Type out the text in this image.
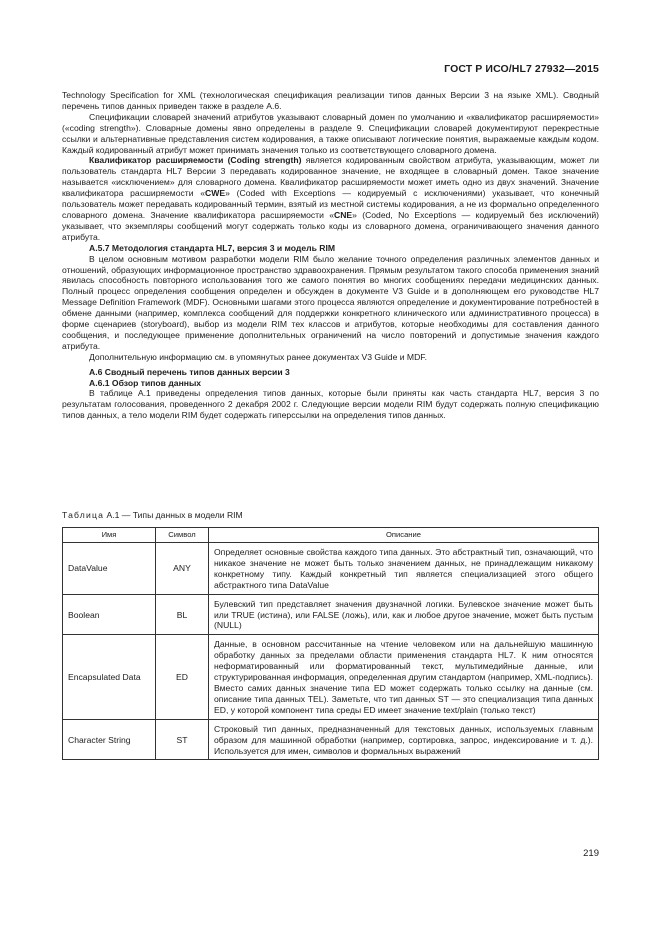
ГОСТ Р ИСО/HL7 27932—2015

Technology Specification for XML (технологическая спецификация реализации типов данных Версии 3 на языке XML). Сводный перечень типов данных приведен также в разделе A.6.

Спецификации словарей значений атрибутов указывают словарный домен по умолчанию и «квалификатор расширяемости» («coding strength»). Словарные домены явно определены в разделе 9. Спецификации словарей документируют перекрестные ссылки и альтернативные представления систем кодирования, а также описывают логические понятия, выражаемые каждым кодом. Каждый кодированный атрибут может принимать значения только из соответствующего словарного домена.

Квалификатор расширяемости (Coding strength) является кодированным свойством атрибута, указывающим, может ли пользователь стандарта HL7 Версии 3 передавать кодированное значение, не входящее в словарный домен. Такое значение называется «исключением» для словарного домена. Квалификатор расширяемости может иметь одно из двух значений. Значение квалификатора расширяемости «CWE» (Coded with Exceptions — кодируемый с исключениями) указывает, что конечный пользователь может передавать кодированный термин, взятый из местной системы кодирования, а не из формально определенного словарного домена. Значение квалификатора расширяемости «CNE» (Coded, No Exceptions — кодируемый без исключений) указывает, что экземпляры сообщений могут содержать только коды из словарного домена, ограничивающего значения данного атрибута.

A.5.7 Методология стандарта HL7, версия 3 и модель RIM

В целом основным мотивом разработки модели RIM было желание точного определения различных элементов данных и отношений, образующих информационное пространство здравоохранения. Прямым результатом такого способа применения знаний явилась способность повторного использования того же самого понятия во многих сообщениях передачи медицинских данных. Полный процесс определения сообщения определен и обсужден в документе V3 Guide и в дополняющем его руководстве HL7 Message Definition Framework (MDF). Основными шагами этого процесса являются определение и документирование потребностей в обмене данными (например, комплекса сообщений для поддержки конкретного клинического или административного процесса) в форме сценариев (storyboard), выбор из модели RIM тех классов и атрибутов, которые необходимы для составления данного сообщения, и последующее применение дополнительных ограничений на число повторений и допустимые значения каждого атрибута.

Дополнительную информацию см. в упомянутых ранее документах V3 Guide и MDF.

A.6 Сводный перечень типов данных версии 3

A.6.1 Обзор типов данных

В таблице A.1 приведены определения типов данных, которые были приняты как часть стандарта HL7, версия 3 по результатам голосования, проведенного 2 декабря 2002 г. Следующие версии модели RIM будут содержать полную спецификацию типов данных, а тело модели RIM будет содержать гиперссылки на определения типов данных.

Таблица A.1 — Типы данных в модели RIM
Имя	Символ	Описание
DataValue	ANY	Определяет основные свойства каждого типа данных. Это абстрактный тип, означающий, что никакое значение не может быть только значением данных, не принадлежащим никакому конкретному типу. Каждый конкретный тип является специализацией этого общего абстрактного типа DataValue
Boolean	BL	Булевский тип представляет значения двузначной логики. Булевское значение может быть или TRUE (истина), или FALSE (ложь), или, как и любое другое значение, может быть пустым (NULL)
Encapsulated Data	ED	Данные, в основном рассчитанные на чтение человеком или на дальнейшую машинную обработку данных за пределами области применения стандарта HL7. К ним относятся неформатированный или форматированный текст, мультимедийные данные, или структурированная информация, определенная другим стандартом (например, XML-подпись). Вместо самих данных значение типа ED может содержать только ссылку на данные (см. описание типа данных TEL). Заметьте, что тип данных ST — это специализация типа данных ED, у которой компонент типа среды ED имеет значение text/plain (только текст)
Character String	ST	Строковый тип данных, предназначенный для текстовых данных, используемых главным образом для машинной обработки (например, сортировка, запрос, индексирование и т. д.). Используется для имен, символов и формальных выражений
219
